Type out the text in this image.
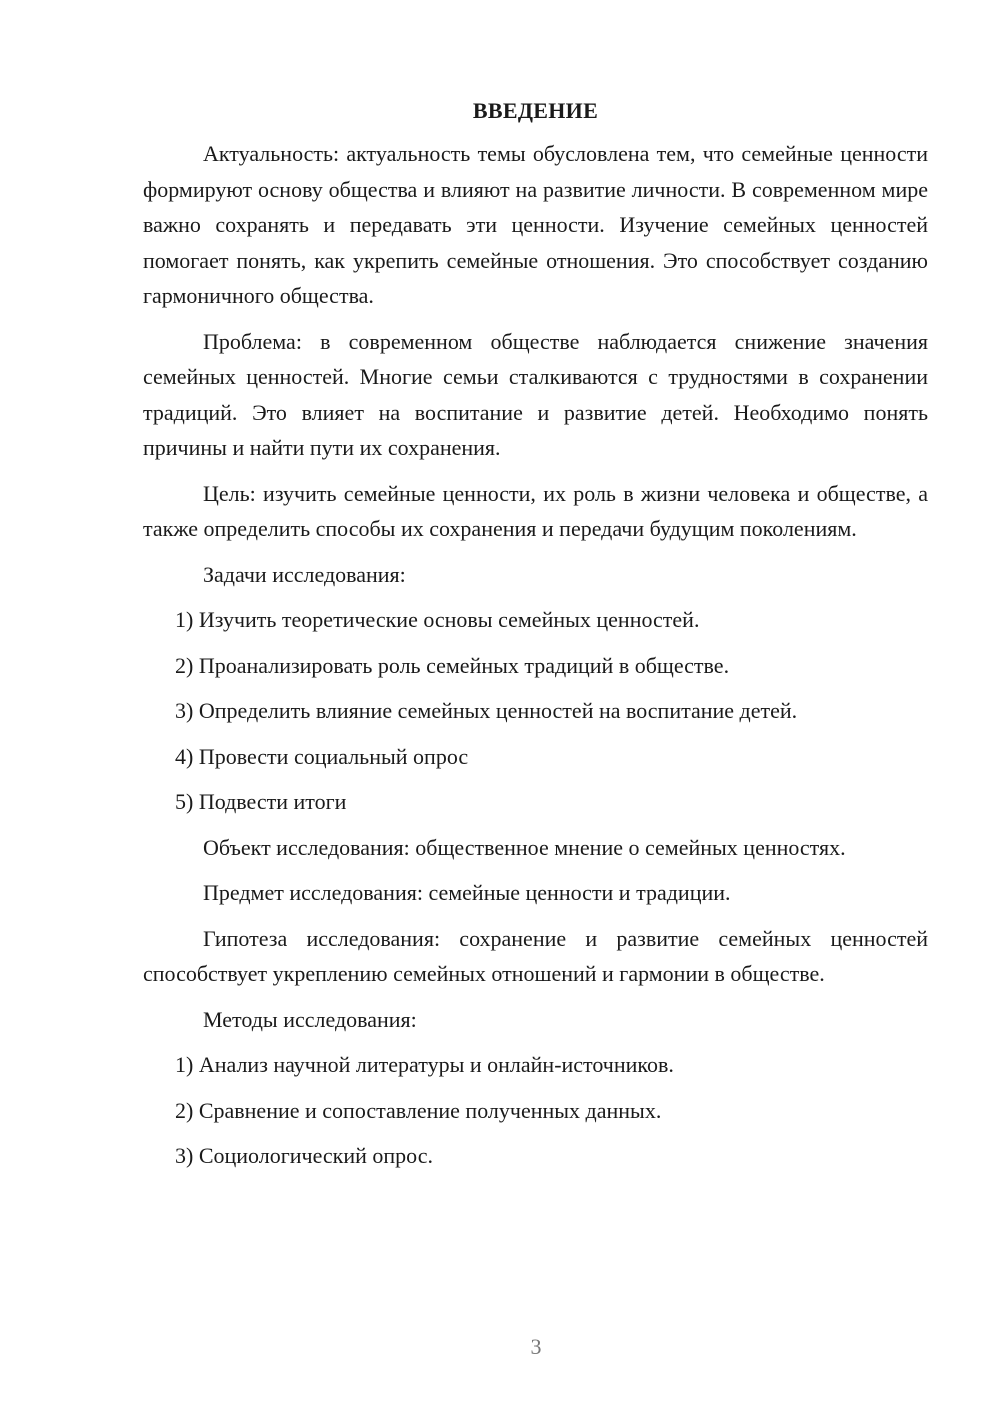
ВВЕДЕНИЕ

Актуальность: актуальность темы обусловлена тем, что семейные ценности формируют основу общества и влияют на развитие личности. В современном мире важно сохранять и передавать эти ценности. Изучение семейных ценностей помогает понять, как укрепить семейные отношения. Это способствует созданию гармоничного общества.

Проблема: в современном обществе наблюдается снижение значения семейных ценностей. Многие семьи сталкиваются с трудностями в сохранении традиций. Это влияет на воспитание и развитие детей. Необходимо понять причины и найти пути их сохранения.

Цель: изучить семейные ценности, их роль в жизни человека и обществе, а также определить способы их сохранения и передачи будущим поколениям.

Задачи исследования:

1) Изучить теоретические основы семейных ценностей.

2) Проанализировать роль семейных традиций в обществе.

3) Определить влияние семейных ценностей на воспитание детей.

4) Провести социальный опрос

5) Подвести итоги

Объект исследования: общественное мнение о семейных ценностях.

Предмет исследования: семейные ценности и традиции.

Гипотеза исследования: сохранение и развитие семейных ценностей способствует укреплению семейных отношений и гармонии в обществе.

Методы исследования:

1) Анализ научной литературы и онлайн-источников.

2) Сравнение и сопоставление полученных данных.

3) Социологический опрос.

3
